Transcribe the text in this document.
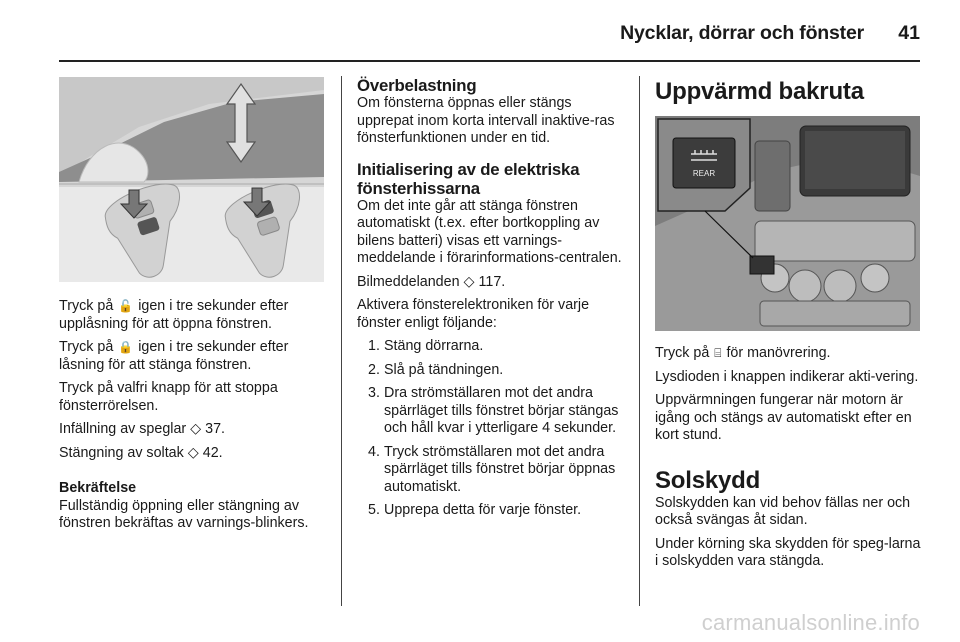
Nycklar, dörrar och fönster 41

Tryck på 🔓 igen i tre sekunder efter upplåsning för att öppna fönstren.

Tryck på 🔒 igen i tre sekunder efter låsning för att stänga fönstren.

Tryck på valfri knapp för att stoppa fönsterrörelsen.

Infällning av speglar ◇ 37.

Stängning av soltak ◇ 42.

Bekräftelse

Fullständig öppning eller stängning av fönstren bekräftas av varnings-blinkers.

Överbelastning

Om fönsterna öppnas eller stängs upprepat inom korta intervall inaktive-ras fönsterfunktionen under en tid.

Initialisering av de elektriska fönsterhissarna

Om det inte går att stänga fönstren automatiskt (t.ex. efter bortkoppling av bilens batteri) visas ett varnings-meddelande i förarinformations-centralen.

Bilmeddelanden ◇ 117.

Aktivera fönsterelektroniken för varje fönster enligt följande:

1. Stäng dörrarna.
2. Slå på tändningen.
3. Dra strömställaren mot det andra spärrläget tills fönstret börjar stängas och håll kvar i ytterligare 4 sekunder.
4. Tryck strömställaren mot det andra spärrläget tills fönstret börjar öppnas automatiskt.
5. Upprepa detta för varje fönster.
Uppvärmd bakruta
REAR

Tryck på ⌸ för manövrering.

Lysdioden i knappen indikerar akti-vering.

Uppvärmningen fungerar när motorn är igång och stängs av automatiskt efter en kort stund.

Solskydd

Solskydden kan vid behov fällas ner och också svängas åt sidan.

Under körning ska skydden för speg-larna i solskydden vara stängda.

carmanualsonline.info
